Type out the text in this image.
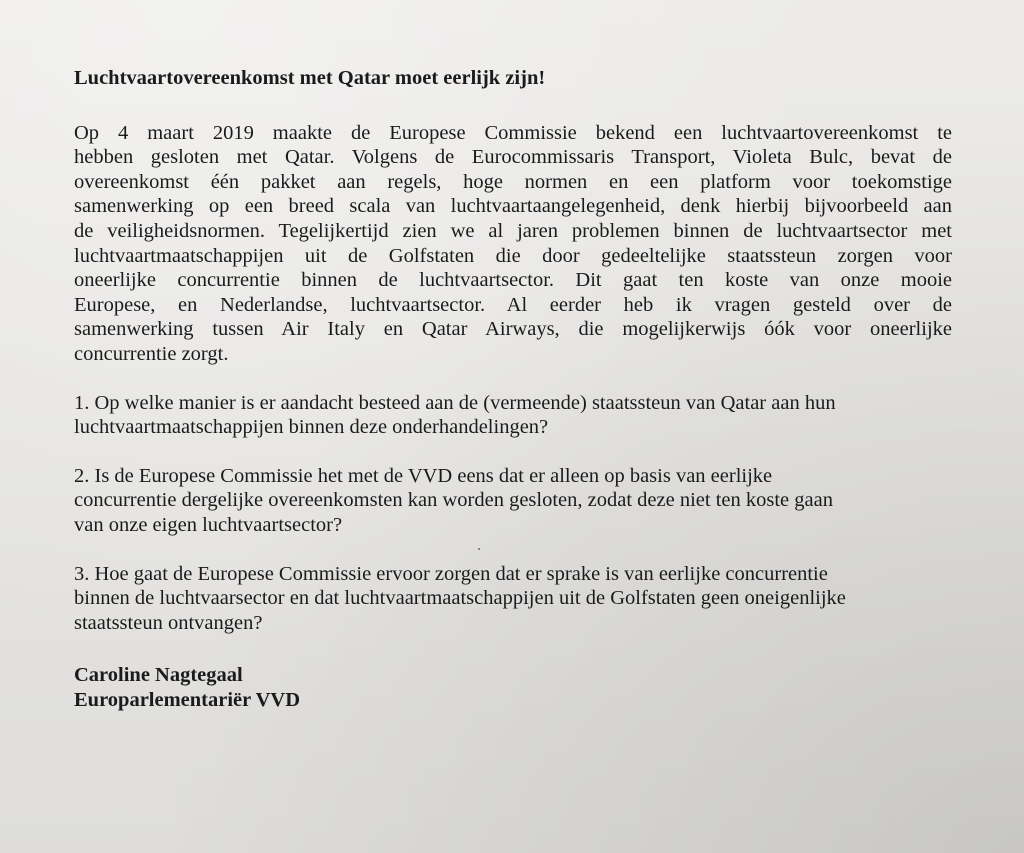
Luchtvaartovereenkomst met Qatar moet eerlijk zijn!
Op 4 maart 2019 maakte de Europese Commissie bekend een luchtvaartovereenkomst te
hebben gesloten met Qatar. Volgens de Eurocommissaris Transport, Violeta Bulc, bevat de
overeenkomst één pakket aan regels, hoge normen en een platform voor toekomstige
samenwerking op een breed scala van luchtvaartaangelegenheid, denk hierbij bijvoorbeeld aan
de veiligheidsnormen. Tegelijkertijd zien we al jaren problemen binnen de luchtvaartsector met
luchtvaartmaatschappijen uit de Golfstaten die door gedeeltelijke staatssteun zorgen voor
oneerlijke concurrentie binnen de luchtvaartsector. Dit gaat ten koste van onze mooie
Europese, en Nederlandse, luchtvaartsector. Al eerder heb ik vragen gesteld over de
samenwerking tussen Air Italy en Qatar Airways, die mogelijkerwijs óók voor oneerlijke
concurrentie zorgt.
1. Op welke manier is er aandacht besteed aan de (vermeende) staatssteun van Qatar aan hun
luchtvaartmaatschappijen binnen deze onderhandelingen?
2. Is de Europese Commissie het met de VVD eens dat er alleen op basis van eerlijke
concurrentie dergelijke overeenkomsten kan worden gesloten, zodat deze niet ten koste gaan
van onze eigen luchtvaartsector?
3. Hoe gaat de Europese Commissie ervoor zorgen dat er sprake is van eerlijke concurrentie
binnen de luchtvaarsector en dat luchtvaartmaatschappijen uit de Golfstaten geen oneigenlijke
staatssteun ontvangen?
Caroline Nagtegaal
Europarlementariër VVD
